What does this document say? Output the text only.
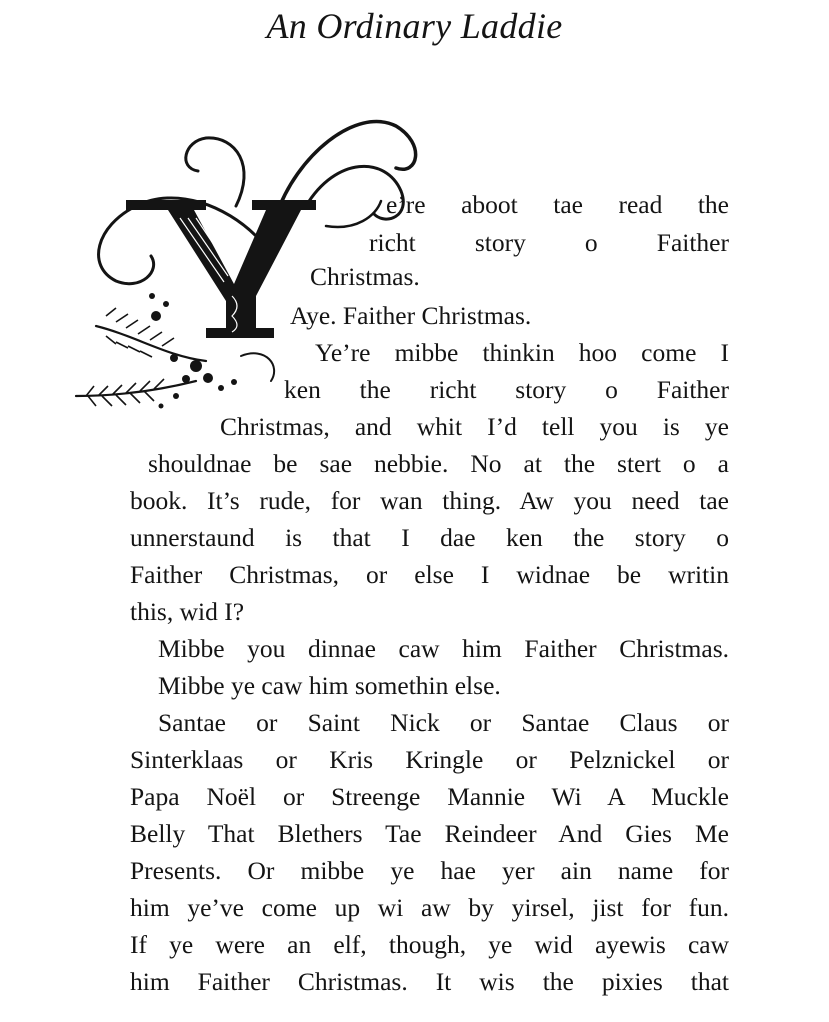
An Ordinary Laddie
e’re aboot tae read the
richt story o Faither
Christmas.
Aye. Faither Christmas.
Ye’re mibbe thinkin hoo come I
ken the richt story o Faither
Christmas, and whit I’d tell you is ye
shouldnae be sae nebbie. No at the stert o a
book. It’s rude, for wan thing. Aw you need tae
unnerstaund is that I dae ken the story o
Faither Christmas, or else I widnae be writin
this, wid I?
Mibbe you dinnae caw him Faither Christmas.
Mibbe ye caw him somethin else.
Santae or Saint Nick or Santae Claus or
Sinterklaas or Kris Kringle or Pelznickel or
Papa Noël or Streenge Mannie Wi A Muckle
Belly That Blethers Tae Reindeer And Gies Me
Presents. Or mibbe ye hae yer ain name for
him ye’ve come up wi aw by yirsel, jist for fun.
If ye were an elf, though, ye wid ayewis caw
him Faither Christmas. It wis the pixies that
